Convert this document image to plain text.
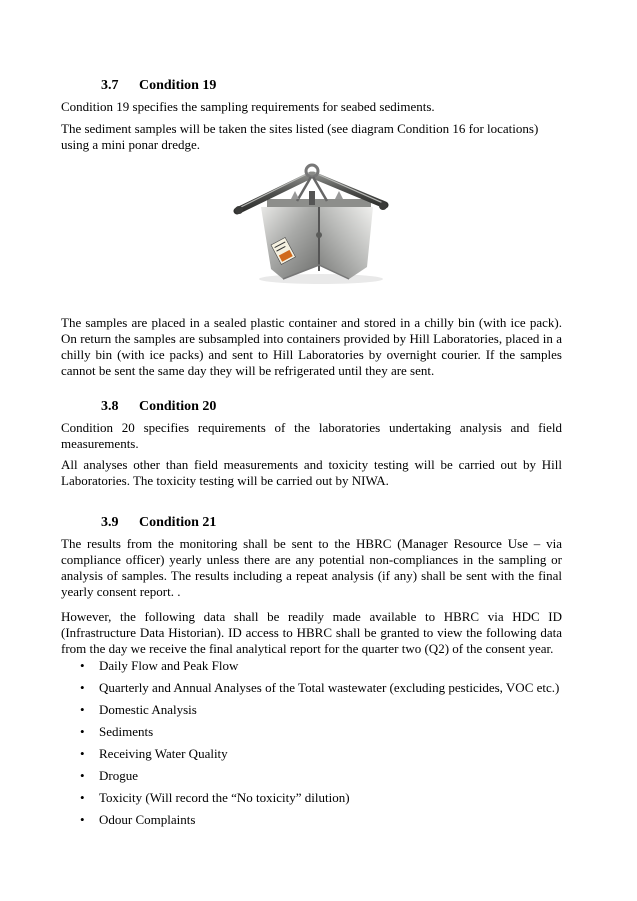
3.7 Condition 19
Condition 19 specifies the sampling requirements for seabed sediments.
The sediment samples will be taken the sites listed (see diagram Condition 16 for locations) using a mini ponar dredge.
The samples are placed in a sealed plastic container and stored in a chilly bin (with ice pack). On return the samples are subsampled into containers provided by Hill Laboratories, placed in a chilly bin (with ice packs) and sent to Hill Laboratories by overnight courier. If the samples cannot be sent the same day they will be refrigerated until they are sent.
3.8 Condition 20
Condition 20 specifies requirements of the laboratories undertaking analysis and field measurements.
All analyses other than field measurements and toxicity testing will be carried out by Hill Laboratories. The toxicity testing will be carried out by NIWA.
3.9 Condition 21
The results from the monitoring shall be sent to the HBRC (Manager Resource Use – via compliance officer) yearly unless there are any potential non-compliances in the sampling or analysis of samples. The results including a repeat analysis (if any) shall be sent with the final yearly consent report. .
However, the following data shall be readily made available to HBRC via HDC ID (Infrastructure Data Historian). ID access to HBRC shall be granted to view the following data from the day we receive the final analytical report for the quarter two (Q2) of the consent year.
• Daily Flow and Peak Flow
• Quarterly and Annual Analyses of the Total wastewater (excluding pesticides, VOC etc.)
• Domestic Analysis
• Sediments
• Receiving Water Quality
• Drogue
• Toxicity (Will record the “No toxicity” dilution)
• Odour Complaints
